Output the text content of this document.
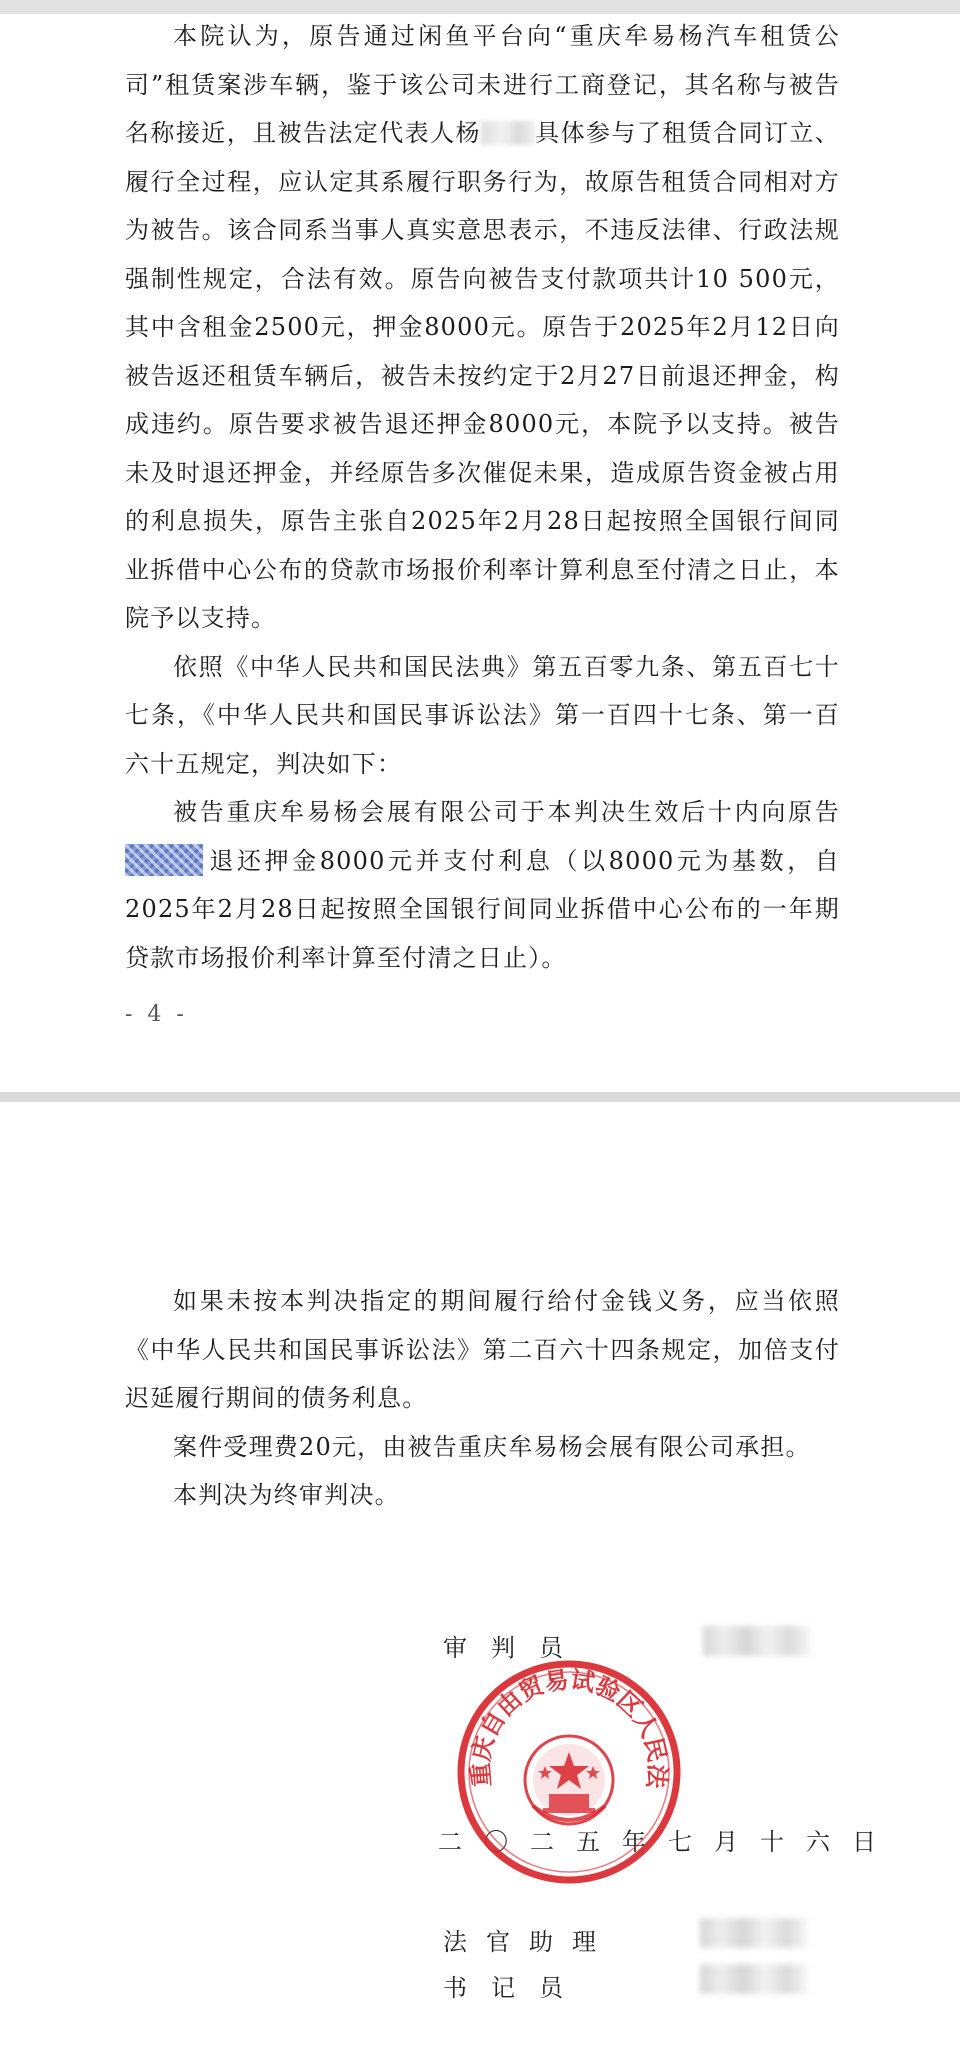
本院认为，原告通过闲鱼平台向“重庆牟易杨汽车租赁公司”租赁案涉车辆，鉴于该公司未进行工商登记，其名称与被告名称接近，且被告法定代表人杨 具体参与了租赁合同订立、履行全过程，应认定其系履行职务行为，故原告租赁合同相对方为被告。该合同系当事人真实意思表示，不违反法律、行政法规强制性规定，合法有效。原告向被告支付款项共计10 500元，其中含租金2500元，押金8000元。原告于2025年2月12日向被告返还租赁车辆后，被告未按约定于2月27日前退还押金，构成违约。原告要求被告退还押金8000元，本院予以支持。被告未及时退还押金，并经原告多次催促未果，造成原告资金被占用的利息损失，原告主张自2025年2月28日起按照全国银行间同业拆借中心公布的贷款市场报价利率计算利息至付清之日止，本院予以支持。

依照《中华人民共和国民法典》第五百零九条、第五百七十七条，《中华人民共和国民事诉讼法》第一百四十七条、第一百六十五规定，判决如下：

被告重庆牟易杨会展有限公司于本判决生效后十内向原告退还押金8000元并支付利息（以8000元为基数，自2025年2月28日起按照全国银行间同业拆借中心公布的一年期贷款市场报价利率计算至付清之日止）。

- 4 -

如果未按本判决指定的期间履行给付金钱义务，应当依照《中华人民共和国民事诉讼法》第二百六十四条规定，加倍支付迟延履行期间的债务利息。

案件受理费20元，由被告重庆牟易杨会展有限公司承担。

本判决为终审判决。

审　判　员
二〇二五年七月十六日
重庆自由贸易试验区人民法
法官助理
书　记　员
